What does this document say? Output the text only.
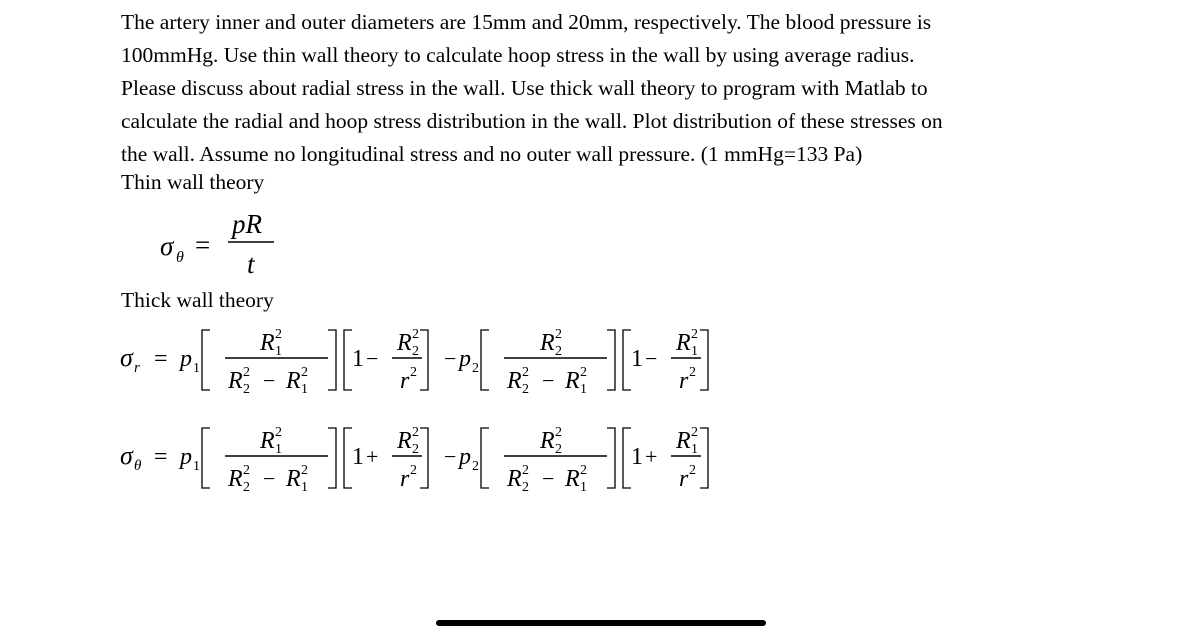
The artery inner and outer diameters are 15mm and 20mm, respectively. The blood pressure is
100mmHg. Use thin wall theory to calculate hoop stress in the wall by using average radius.
Please discuss about radial stress in the wall. Use thick wall theory to program with Matlab to
calculate the radial and hoop stress distribution in the wall. Plot distribution of these stresses on
the wall. Assume no longitudinal stress and no outer wall pressure. (1 mmHg=133 Pa)
Thin wall theory
σ θ =
pR
t
Thick wall theory
σ r = p 1
R 2
1
R 2
2 − R 2
1
1 −
R 2
2
r 2
− p 2
R 2
2
R 2
2 − R 2
1
1 −
R 2
1
r 2
σ θ = p 1
R 2
1
R 2
2 − R 2
1
1 +
R 2
2
r 2
− p 2
R 2
2
R 2
2 − R 2
1
1 +
R 2
1
r 2
